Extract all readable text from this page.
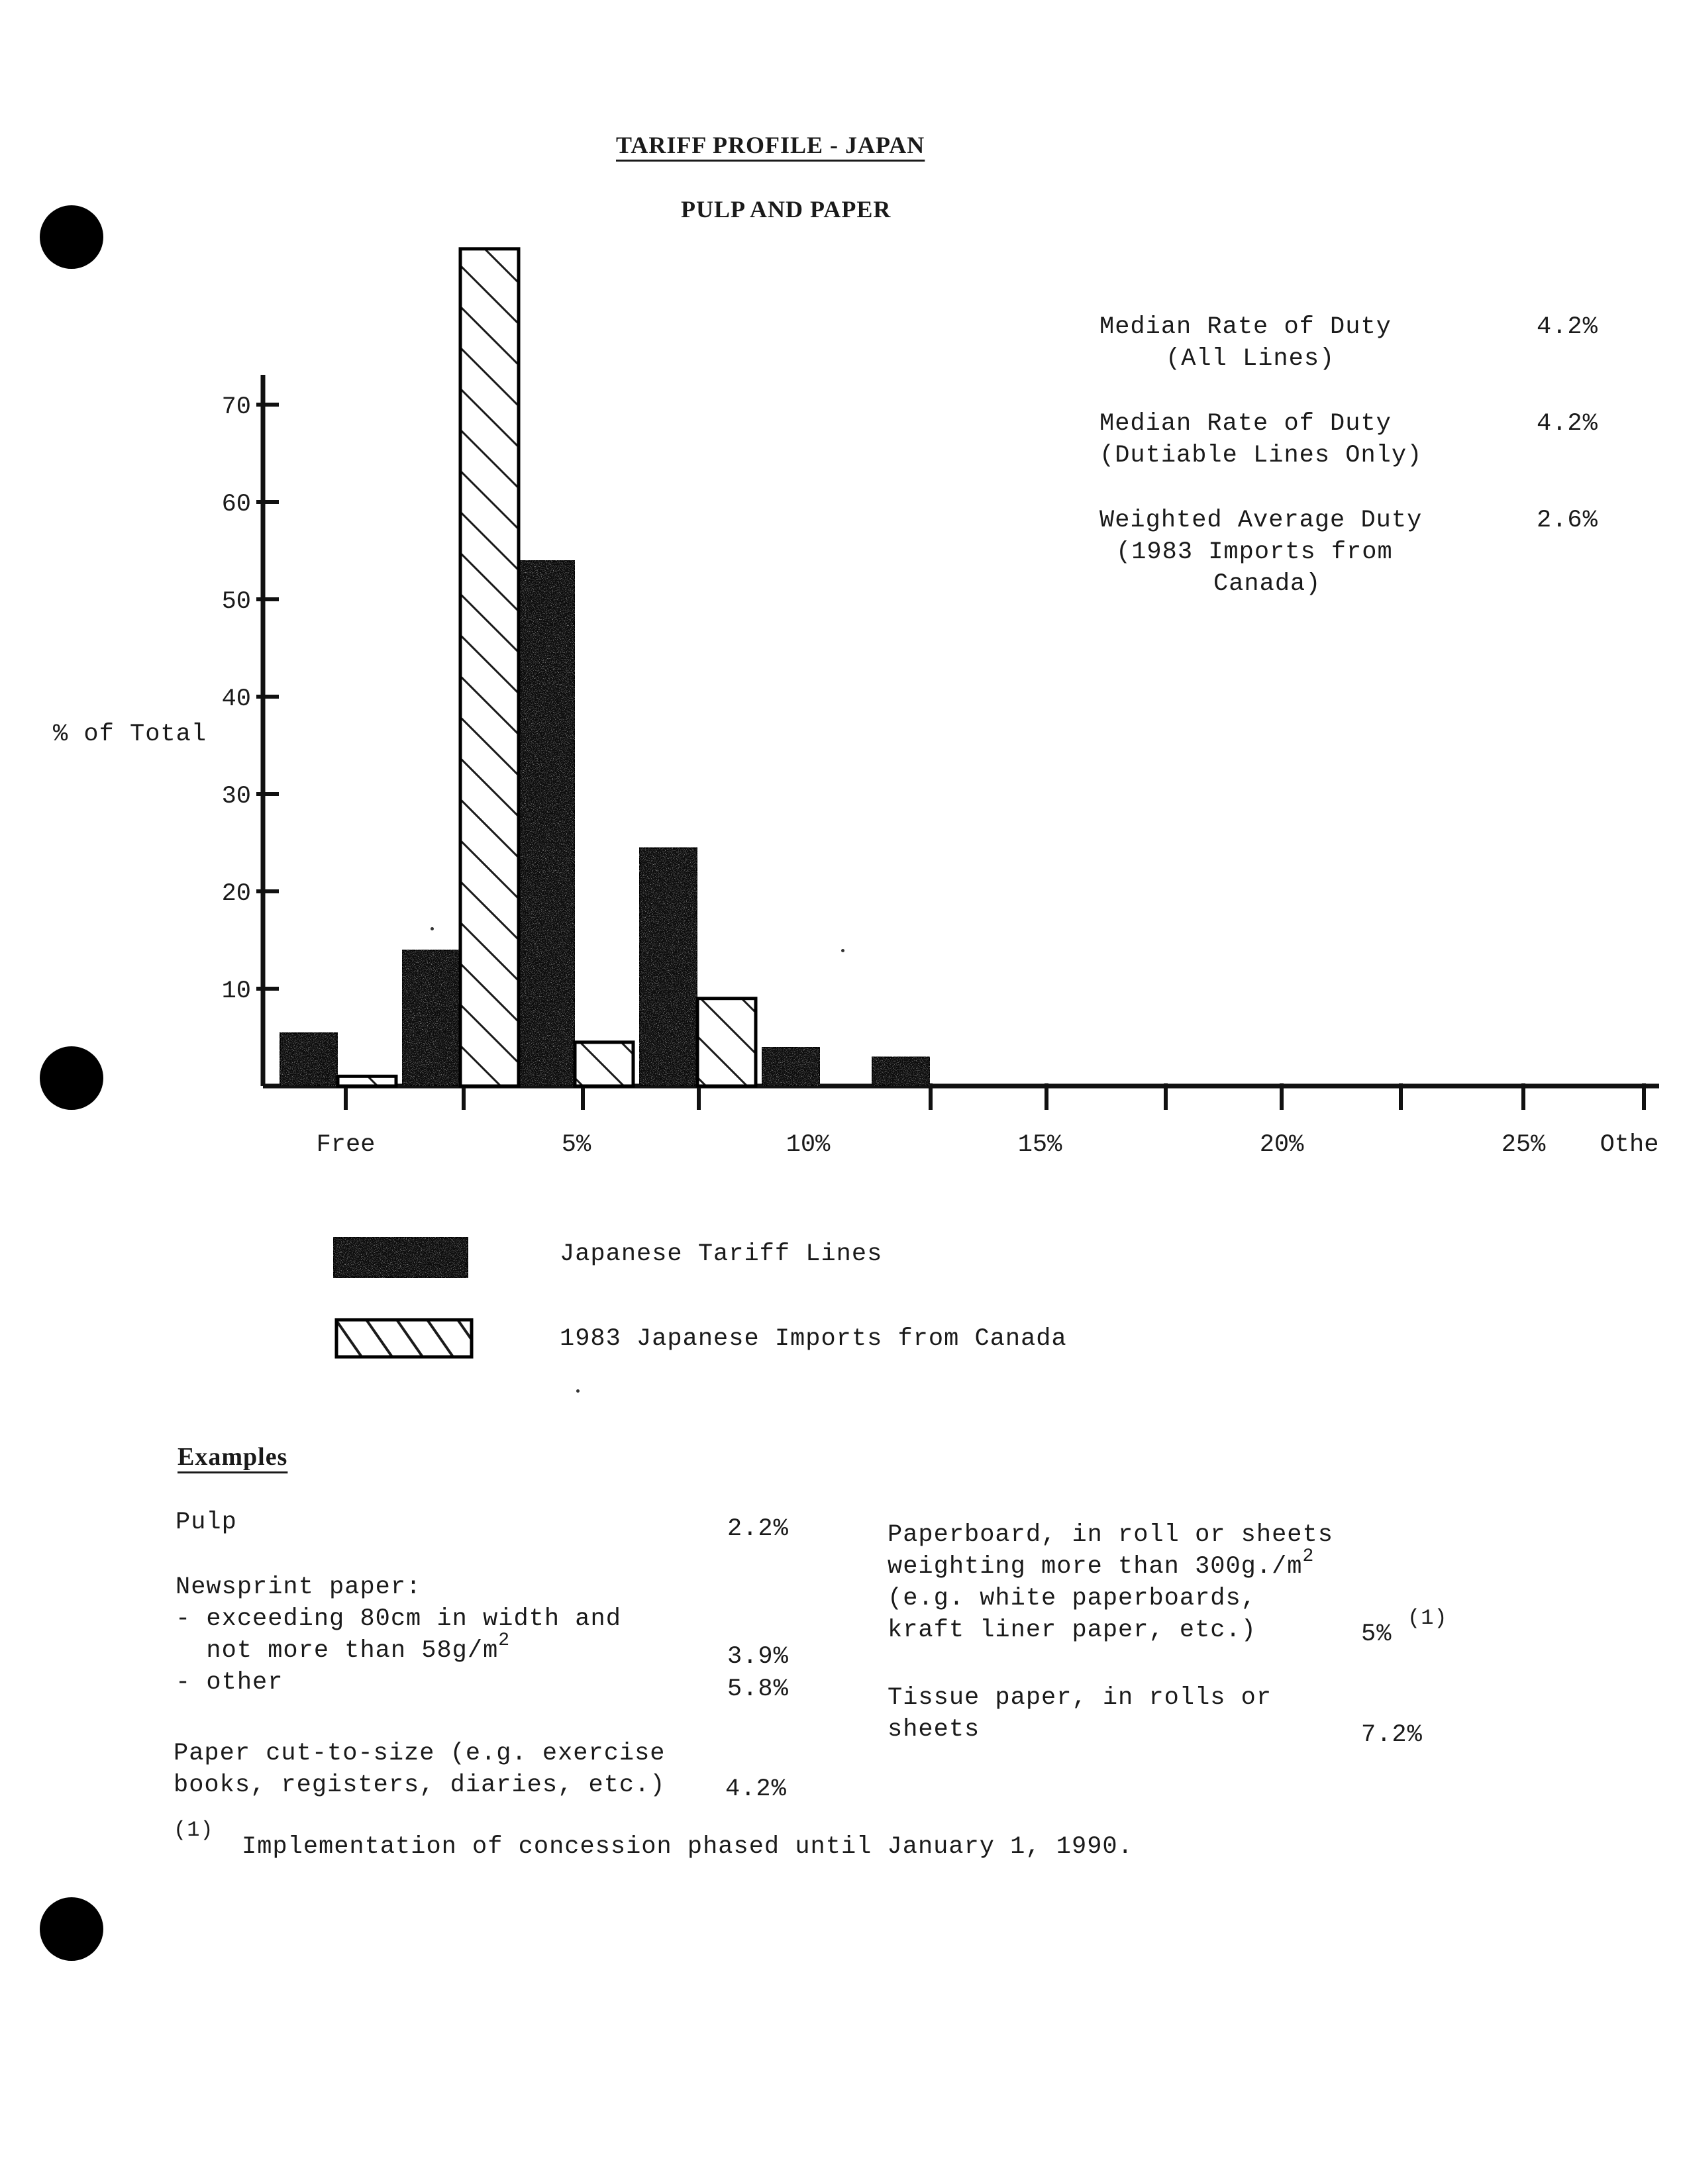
TARIFF PROFILE - JAPAN
PULP AND PAPER
Median Rate of Duty
(All Lines)
4.2%
Median Rate of Duty
(Dutiable Lines Only)
4.2%
Weighted Average Duty
(1983 Imports from
Canada)
2.6%
10
20
30
40
50
60
70
Free	5%	10%	15%	20%	25% Othe
% of Total
Japanese Tariff Lines
1983 Japanese Imports from Canada
Examples
Pulp	2.2%
Newsprint paper:
- exceeding 80cm in width and
not more than $58g/m^2$
3.9%
- other	5.8%
Paper cut-to-size (e.g. exercise
books, registers, diaries, etc.) 4.2%
Paperboard, in roll or sheets
weighting more than $300g./m^2$
(e.g. white paperboards,
kraft liner paper, etc.)	5%
(1)
Tissue paper, in rolls or
sheets	7.2%
(1)
Implementation of concession phased until January 1, 1990.
